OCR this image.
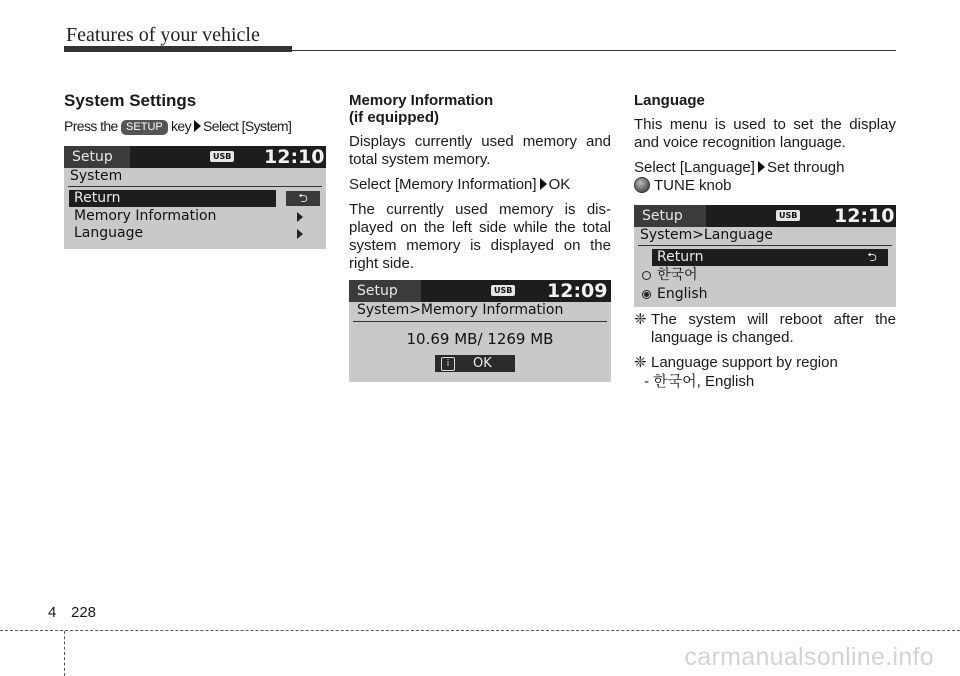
Features of your vehicle

System Settings

Press the SETUP key Select [System]

Setup	USB 12:10
System
Return	⮌
Memory Information
Language

Memory Information
(if equipped)

Displays currently used memory and total system memory.

Select [Memory Information] OK

The currently used memory is dis-played on the left side while the total system memory is displayed on the right side.

Setup	USB 12:09
System>Memory Information
10.69 MB/ 1269 MB
i	OK

Language

This menu is used to set the display and voice recognition language.

Select [Language] Set through
TUNE knob

Setup	USB 12:10
System>Language
Return	⮌
한국어
English

❈ The system will reboot after the language is changed.

❈ Language support by region

- 한국어, English

4 228
carmanualsonline.info
